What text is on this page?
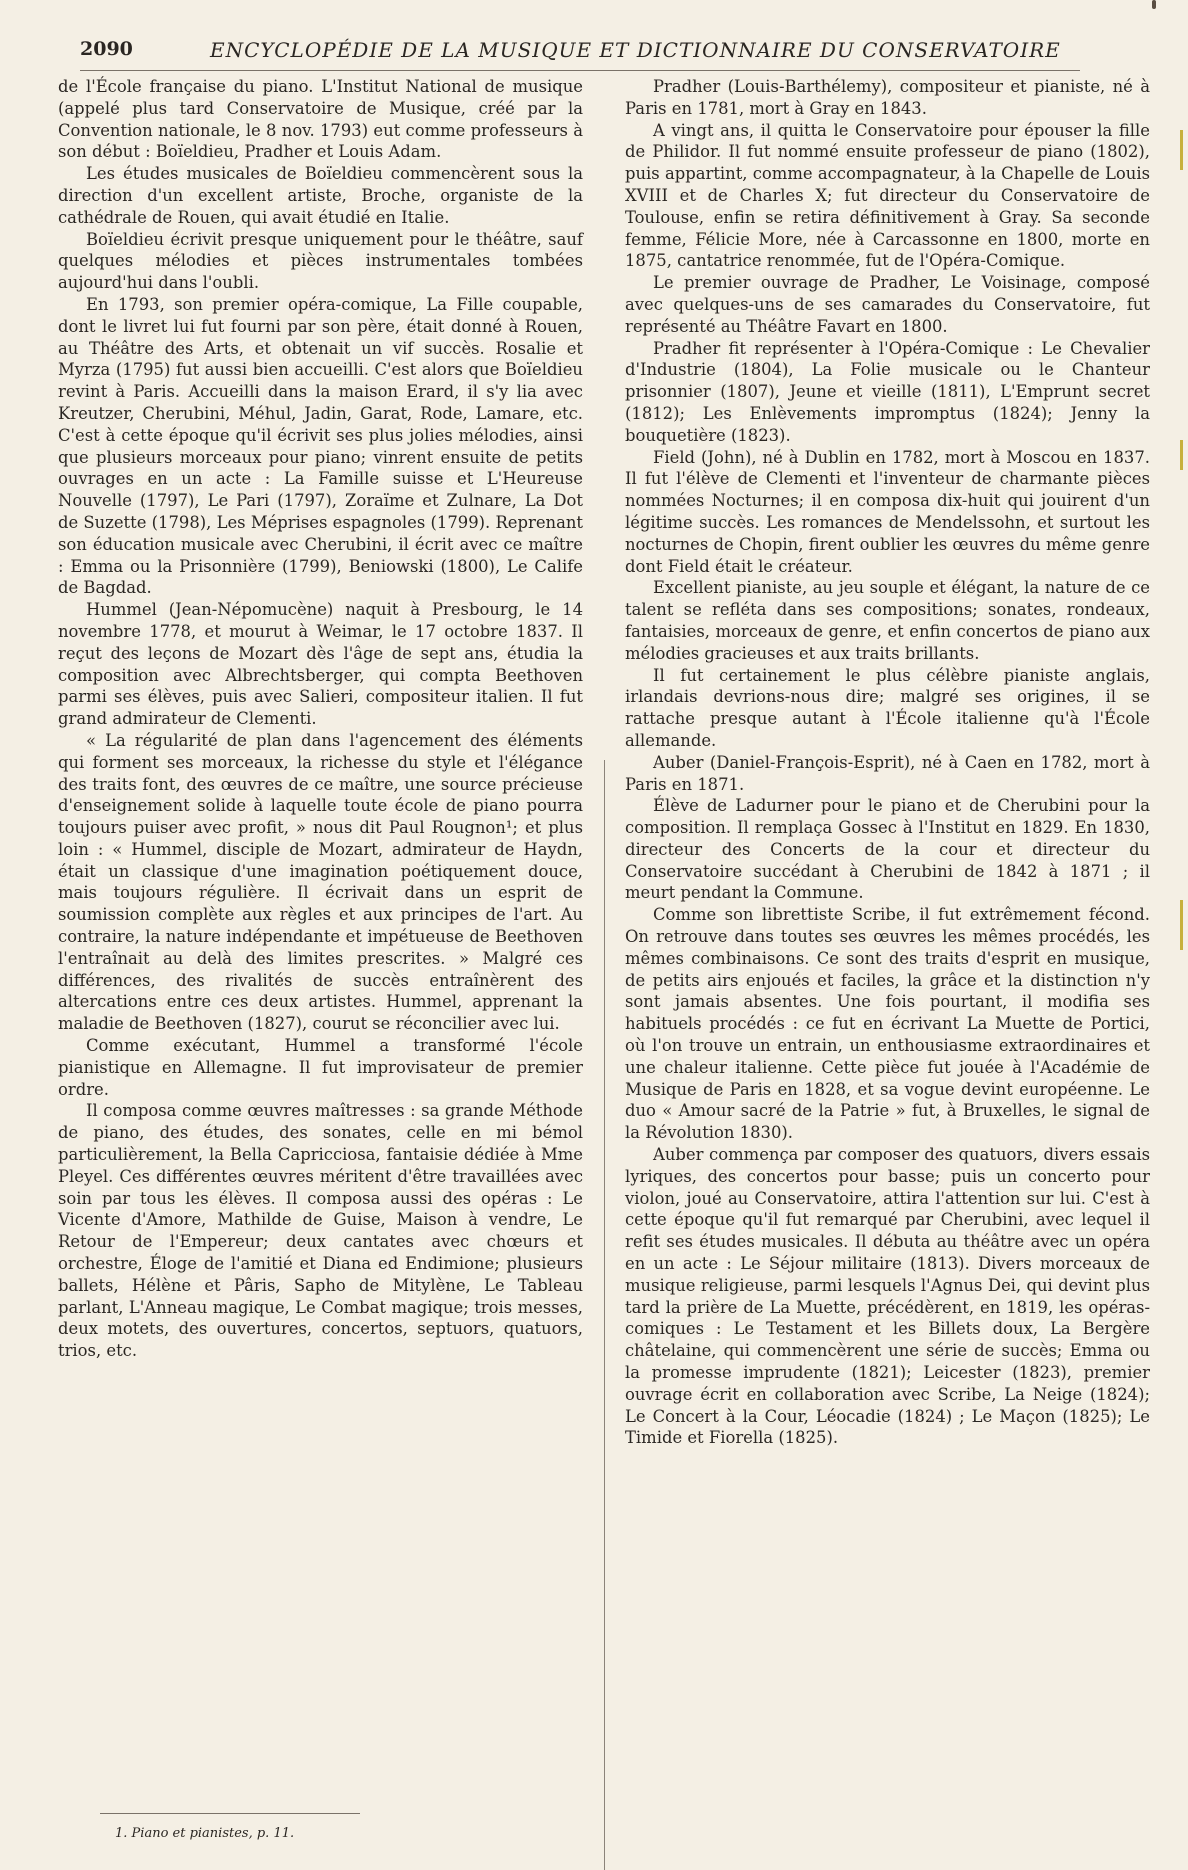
2090	ENCYCLOPÉDIE DE LA MUSIQUE ET DICTIONNAIRE DU CONSERVATOIRE

de l'École française du piano. L'Institut National de musique (appelé plus tard Conservatoire de Musique, créé par la Convention nationale, le 8 nov. 1793) eut comme professeurs à son début : Boïeldieu, Pradher et Louis Adam.

Les études musicales de Boïeldieu commencèrent sous la direction d'un excellent artiste, Broche, organiste de la cathédrale de Rouen, qui avait étudié en Italie.

Boïeldieu écrivit presque uniquement pour le théâtre, sauf quelques mélodies et pièces instrumentales tombées aujourd'hui dans l'oubli.

En 1793, son premier opéra-comique, La Fille coupable, dont le livret lui fut fourni par son père, était donné à Rouen, au Théâtre des Arts, et obtenait un vif succès. Rosalie et Myrza (1795) fut aussi bien accueilli. C'est alors que Boïeldieu revint à Paris. Accueilli dans la maison Erard, il s'y lia avec Kreutzer, Cherubini, Méhul, Jadin, Garat, Rode, Lamare, etc. C'est à cette époque qu'il écrivit ses plus jolies mélodies, ainsi que plusieurs morceaux pour piano; vinrent ensuite de petits ouvrages en un acte : La Famille suisse et L'Heureuse Nouvelle (1797), Le Pari (1797), Zoraïme et Zulnare, La Dot de Suzette (1798), Les Méprises espagnoles (1799). Reprenant son éducation musicale avec Cherubini, il écrit avec ce maître : Emma ou la Prisonnière (1799), Beniowski (1800), Le Calife de Bagdad.

Hummel (Jean-Népomucène) naquit à Presbourg, le 14 novembre 1778, et mourut à Weimar, le 17 octobre 1837. Il reçut des leçons de Mozart dès l'âge de sept ans, étudia la composition avec Albrechtsberger, qui compta Beethoven parmi ses élèves, puis avec Salieri, compositeur italien. Il fut grand admirateur de Clementi.

« La régularité de plan dans l'agencement des éléments qui forment ses morceaux, la richesse du style et l'élégance des traits font, des œuvres de ce maître, une source précieuse d'enseignement solide à laquelle toute école de piano pourra toujours puiser avec profit, » nous dit Paul Rougnon¹; et plus loin : « Hummel, disciple de Mozart, admirateur de Haydn, était un classique d'une imagination poétiquement douce, mais toujours régulière. Il écrivait dans un esprit de soumission complète aux règles et aux principes de l'art. Au contraire, la nature indépendante et impétueuse de Beethoven l'entraînait au delà des limites prescrites. » Malgré ces différences, des rivalités de succès entraînèrent des altercations entre ces deux artistes. Hummel, apprenant la maladie de Beethoven (1827), courut se réconcilier avec lui.

Comme exécutant, Hummel a transformé l'école pianistique en Allemagne. Il fut improvisateur de premier ordre.

Il composa comme œuvres maîtresses : sa grande Méthode de piano, des études, des sonates, celle en mi bémol particulièrement, la Bella Capricciosa, fantaisie dédiée à Mme Pleyel. Ces différentes œuvres méritent d'être travaillées avec soin par tous les élèves. Il composa aussi des opéras : Le Vicente d'Amore, Mathilde de Guise, Maison à vendre, Le Retour de l'Empereur; deux cantates avec chœurs et orchestre, Éloge de l'amitié et Diana ed Endimione; plusieurs ballets, Hélène et Pâris, Sapho de Mitylène, Le Tableau parlant, L'Anneau magique, Le Combat magique; trois messes, deux motets, des ouvertures, concertos, septuors, quatuors, trios, etc.

Pradher (Louis-Barthélemy), compositeur et pianiste, né à Paris en 1781, mort à Gray en 1843.

A vingt ans, il quitta le Conservatoire pour épouser la fille de Philidor. Il fut nommé ensuite professeur de piano (1802), puis appartint, comme accompagnateur, à la Chapelle de Louis XVIII et de Charles X; fut directeur du Conservatoire de Toulouse, enfin se retira définitivement à Gray. Sa seconde femme, Félicie More, née à Carcassonne en 1800, morte en 1875, cantatrice renommée, fut de l'Opéra-Comique.

Le premier ouvrage de Pradher, Le Voisinage, composé avec quelques-uns de ses camarades du Conservatoire, fut représenté au Théâtre Favart en 1800.

Pradher fit représenter à l'Opéra-Comique : Le Chevalier d'Industrie (1804), La Folie musicale ou le Chanteur prisonnier (1807), Jeune et vieille (1811), L'Emprunt secret (1812); Les Enlèvements impromptus (1824); Jenny la bouquetière (1823).

Field (John), né à Dublin en 1782, mort à Moscou en 1837. Il fut l'élève de Clementi et l'inventeur de charmante pièces nommées Nocturnes; il en composa dix-huit qui jouirent d'un légitime succès. Les romances de Mendelssohn, et surtout les nocturnes de Chopin, firent oublier les œuvres du même genre dont Field était le créateur.

Excellent pianiste, au jeu souple et élégant, la nature de ce talent se refléta dans ses compositions; sonates, rondeaux, fantaisies, morceaux de genre, et enfin concertos de piano aux mélodies gracieuses et aux traits brillants.

Il fut certainement le plus célèbre pianiste anglais, irlandais devrions-nous dire; malgré ses origines, il se rattache presque autant à l'École italienne qu'à l'École allemande.

Auber (Daniel-François-Esprit), né à Caen en 1782, mort à Paris en 1871.

Élève de Ladurner pour le piano et de Cherubini pour la composition. Il remplaça Gossec à l'Institut en 1829. En 1830, directeur des Concerts de la cour et directeur du Conservatoire succédant à Cherubini de 1842 à 1871 ; il meurt pendant la Commune.

Comme son librettiste Scribe, il fut extrêmement fécond. On retrouve dans toutes ses œuvres les mêmes procédés, les mêmes combinaisons. Ce sont des traits d'esprit en musique, de petits airs enjoués et faciles, la grâce et la distinction n'y sont jamais absentes. Une fois pourtant, il modifia ses habituels procédés : ce fut en écrivant La Muette de Portici, où l'on trouve un entrain, un enthousiasme extraordinaires et une chaleur italienne. Cette pièce fut jouée à l'Académie de Musique de Paris en 1828, et sa vogue devint européenne. Le duo « Amour sacré de la Patrie » fut, à Bruxelles, le signal de la Révolution 1830).

Auber commença par composer des quatuors, divers essais lyriques, des concertos pour basse; puis un concerto pour violon, joué au Conservatoire, attira l'attention sur lui. C'est à cette époque qu'il fut remarqué par Cherubini, avec lequel il refit ses études musicales. Il débuta au théâtre avec un opéra en un acte : Le Séjour militaire (1813). Divers morceaux de musique religieuse, parmi lesquels l'Agnus Dei, qui devint plus tard la prière de La Muette, précédèrent, en 1819, les opéras-comiques : Le Testament et les Billets doux, La Bergère châtelaine, qui commencèrent une série de succès; Emma ou la promesse imprudente (1821); Leicester (1823), premier ouvrage écrit en collaboration avec Scribe, La Neige (1824); Le Concert à la Cour, Léocadie (1824) ; Le Maçon (1825); Le Timide et Fiorella (1825).

1. Piano et pianistes, p. 11.
